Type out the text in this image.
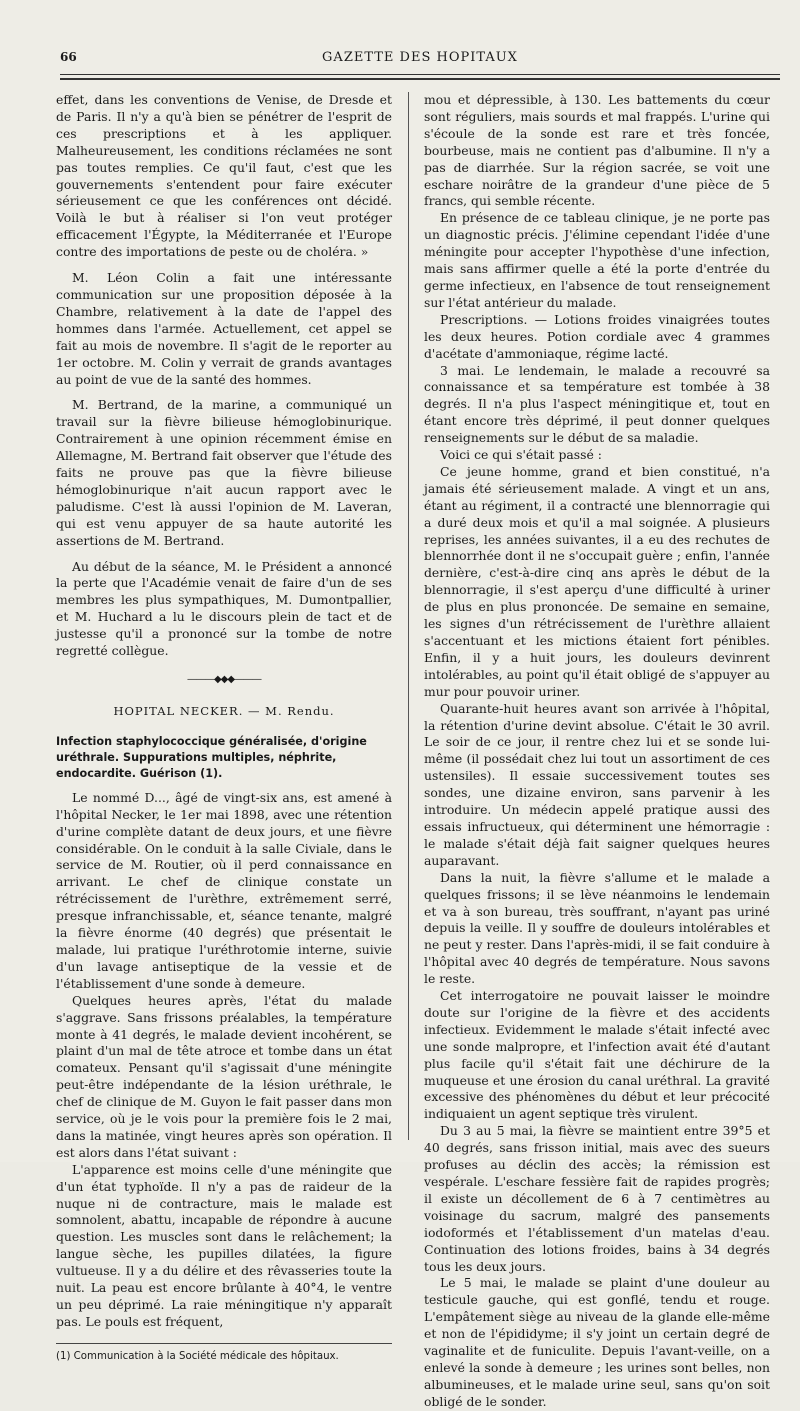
66	GAZETTE DES HOPITAUX

effet, dans les conventions de Venise, de Dresde et de Paris. Il n'y a qu'à bien se pénétrer de l'esprit de ces prescriptions et à les appliquer. Malheureusement, les conditions réclamées ne sont pas toutes remplies. Ce qu'il faut, c'est que les gouvernements s'entendent pour faire exécuter sérieusement ce que les conférences ont décidé. Voilà le but à réaliser si l'on veut protéger efficacement l'Égypte, la Méditerranée et l'Europe contre des importations de peste ou de choléra. »

M. Léon Colin a fait une intéressante communication sur une proposition déposée à la Chambre, relativement à la date de l'appel des hommes dans l'armée. Actuellement, cet appel se fait au mois de novembre. Il s'agit de le reporter au 1er octobre. M. Colin y verrait de grands avantages au point de vue de la santé des hommes.

M. Bertrand, de la marine, a communiqué un travail sur la fièvre bilieuse hémoglobinurique. Contrairement à une opinion récemment émise en Allemagne, M. Bertrand fait observer que l'étude des faits ne prouve pas que la fièvre bilieuse hémoglobinurique n'ait aucun rapport avec le paludisme. C'est là aussi l'opinion de M. Laveran, qui est venu appuyer de sa haute autorité les assertions de M. Bertrand.

Au début de la séance, M. le Président a annoncé la perte que l'Académie venait de faire d'un de ses membres les plus sympathiques, M. Dumontpallier, et M. Huchard a lu le discours plein de tact et de justesse qu'il a prononcé sur la tombe de notre regretté collègue.

———◆◆◆———
HOPITAL NECKER. — M. Rendu.
Infection staphylococcique généralisée, d'origine uréthrale. Suppurations multiples, néphrite, endocardite. Guérison (1).

Le nommé D..., âgé de vingt-six ans, est amené à l'hôpital Necker, le 1er mai 1898, avec une rétention d'urine complète datant de deux jours, et une fièvre considérable. On le conduit à la salle Civiale, dans le service de M. Routier, où il perd connaissance en arrivant. Le chef de clinique constate un rétrécissement de l'urèthre, extrêmement serré, presque infranchissable, et, séance tenante, malgré la fièvre énorme (40 degrés) que présentait le malade, lui pratique l'uréthrotomie interne, suivie d'un lavage antiseptique de la vessie et de l'établissement d'une sonde à demeure.

Quelques heures après, l'état du malade s'aggrave. Sans frissons préalables, la température monte à 41 degrés, le malade devient incohérent, se plaint d'un mal de tête atroce et tombe dans un état comateux. Pensant qu'il s'agissait d'une méningite peut-être indépendante de la lésion uréthrale, le chef de clinique de M. Guyon le fait passer dans mon service, où je le vois pour la première fois le 2 mai, dans la matinée, vingt heures après son opération. Il est alors dans l'état suivant :

L'apparence est moins celle d'une méningite que d'un état typhoïde. Il n'y a pas de raideur de la nuque ni de contracture, mais le malade est somnolent, abattu, incapable de répondre à aucune question. Les muscles sont dans le relâchement; la langue sèche, les pupilles dilatées, la figure vultueuse. Il y a du délire et des rêvasseries toute la nuit. La peau est encore brûlante à 40°4, le ventre un peu déprimé. La raie méningitique n'y apparaît pas. Le pouls est fréquent,

(1) Communication à la Société médicale des hôpitaux.

mou et dépressible, à 130. Les battements du cœur sont réguliers, mais sourds et mal frappés. L'urine qui s'écoule de la sonde est rare et très foncée, bourbeuse, mais ne contient pas d'albumine. Il n'y a pas de diarrhée. Sur la région sacrée, se voit une eschare noirâtre de la grandeur d'une pièce de 5 francs, qui semble récente.

En présence de ce tableau clinique, je ne porte pas un diagnostic précis. J'élimine cependant l'idée d'une méningite pour accepter l'hypothèse d'une infection, mais sans affirmer quelle a été la porte d'entrée du germe infectieux, en l'absence de tout renseignement sur l'état antérieur du malade.

Prescriptions. — Lotions froides vinaigrées toutes les deux heures. Potion cordiale avec 4 grammes d'acétate d'ammoniaque, régime lacté.

3 mai. Le lendemain, le malade a recouvré sa connaissance et sa température est tombée à 38 degrés. Il n'a plus l'aspect méningitique et, tout en étant encore très déprimé, il peut donner quelques renseignements sur le début de sa maladie.

Voici ce qui s'était passé :

Ce jeune homme, grand et bien constitué, n'a jamais été sérieusement malade. A vingt et un ans, étant au régiment, il a contracté une blennorragie qui a duré deux mois et qu'il a mal soignée. A plusieurs reprises, les années suivantes, il a eu des rechutes de blennorrhée dont il ne s'occupait guère ; enfin, l'année dernière, c'est-à-dire cinq ans après le début de la blennorragie, il s'est aperçu d'une difficulté à uriner de plus en plus prononcée. De semaine en semaine, les signes d'un rétrécissement de l'urèthre allaient s'accentuant et les mictions étaient fort pénibles. Enfin, il y a huit jours, les douleurs devinrent intolérables, au point qu'il était obligé de s'appuyer au mur pour pouvoir uriner.

Quarante-huit heures avant son arrivée à l'hôpital, la rétention d'urine devint absolue. C'était le 30 avril. Le soir de ce jour, il rentre chez lui et se sonde lui-même (il possédait chez lui tout un assortiment de ces ustensiles). Il essaie successivement toutes ses sondes, une dizaine environ, sans parvenir à les introduire. Un médecin appelé pratique aussi des essais infructueux, qui déterminent une hémorragie : le malade s'était déjà fait saigner quelques heures auparavant.

Dans la nuit, la fièvre s'allume et le malade a quelques frissons; il se lève néanmoins le lendemain et va à son bureau, très souffrant, n'ayant pas uriné depuis la veille. Il y souffre de douleurs intolérables et ne peut y rester. Dans l'après-midi, il se fait conduire à l'hôpital avec 40 degrés de température. Nous savons le reste.

Cet interrogatoire ne pouvait laisser le moindre doute sur l'origine de la fièvre et des accidents infectieux. Evidemment le malade s'était infecté avec une sonde malpropre, et l'infection avait été d'autant plus facile qu'il s'était fait une déchirure de la muqueuse et une érosion du canal uréthral. La gravité excessive des phénomènes du début et leur précocité indiquaient un agent septique très virulent.

Du 3 au 5 mai, la fièvre se maintient entre 39°5 et 40 degrés, sans frisson initial, mais avec des sueurs profuses au déclin des accès; la rémission est vespérale. L'eschare fessière fait de rapides progrès; il existe un décollement de 6 à 7 centimètres au voisinage du sacrum, malgré des pansements iodoformés et l'établissement d'un matelas d'eau. Continuation des lotions froides, bains à 34 degrés tous les deux jours.

Le 5 mai, le malade se plaint d'une douleur au testicule gauche, qui est gonflé, tendu et rouge. L'empâtement siège au niveau de la glande elle-même et non de l'épididyme; il s'y joint un certain degré de vaginalite et de funiculite. Depuis l'avant-veille, on a enlevé la sonde à demeure ; les urines sont belles, non albumineuses, et le malade urine seul, sans qu'on soit obligé de le sonder.
